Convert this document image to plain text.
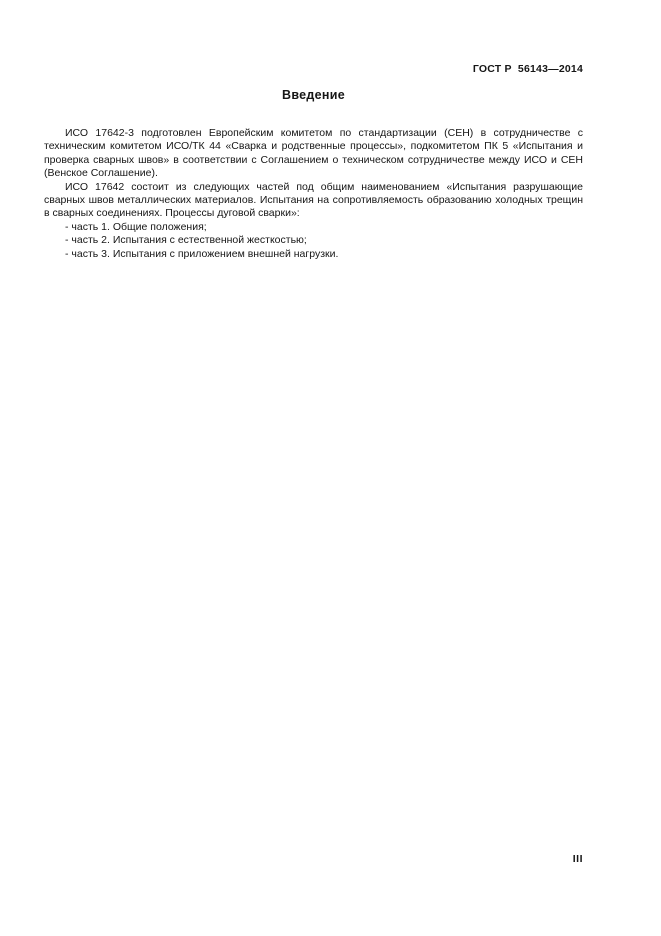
ГОСТ Р  56143—2014
Введение

ИСО 17642-3 подготовлен Европейским комитетом по стандартизации (СЕН) в сотрудничестве с техническим комитетом ИСО/ТК 44 «Сварка и родственные процессы», подкомитетом ПК 5 «Испытания и проверка сварных швов» в соответствии с Соглашением о техническом сотрудничестве между ИСО и СЕН (Венское Соглашение).

ИСО 17642 состоит из следующих частей под общим наименованием «Испытания разрушающие сварных швов металлических материалов. Испытания на сопротивляемость образованию холодных трещин в сварных соединениях. Процессы дуговой сварки»:

- часть 1. Общие положения;
- часть 2. Испытания с естественной жесткостью;
- часть 3. Испытания с приложением внешней нагрузки.
III
